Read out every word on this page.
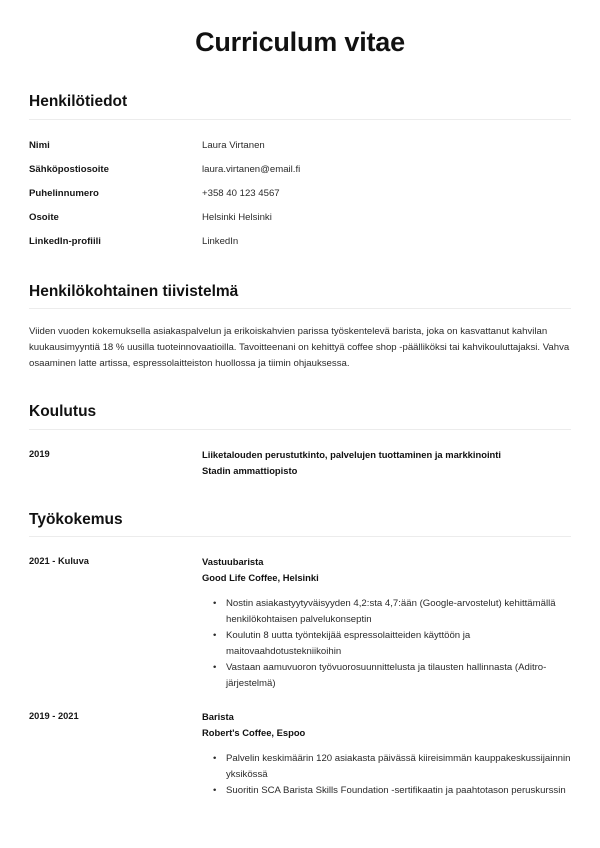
Curriculum vitae
Henkilötiedot
Nimi	Laura Virtanen
Sähköpostiosoite	laura.virtanen@email.fi
Puhelinnumero	+358 40 123 4567
Osoite	Helsinki Helsinki
LinkedIn-profiili	LinkedIn
Henkilökohtainen tiivistelmä

Viiden vuoden kokemuksella asiakaspalvelun ja erikoiskahvien parissa työskentelevä barista, joka on kasvattanut kahvilan kuukausimyyntiä 18 % uusilla tuoteinnovaatioilla. Tavoitteenani on kehittyä coffee shop -päälliköksi tai kahvikouluttajaksi. Vahva osaaminen latte artissa, espressolaitteiston huollossa ja tiimin ohjauksessa.

Koulutus
2019	Liiketalouden perustutkinto, palvelujen tuottaminen ja markkinointi
Stadin ammattiopisto
Työkokemus
2021 - Kuluva	Vastuubarista
Good Life Coffee, Helsinki
• Nostin asiakastyytyväisyyden 4,2:sta 4,7:ään (Google-arvostelut) kehittämällä henkilökohtaisen palvelukonseptin
• Koulutin 8 uutta työntekijää espressolaitteiden käyttöön ja maitovaahdotustekniikoihin
• Vastaan aamuvuoron työvuorosuunnittelusta ja tilausten hallinnasta (Aditro-järjestelmä)
2019 - 2021	Barista
Robert's Coffee, Espoo
• Palvelin keskimäärin 120 asiakasta päivässä kiireisimmän kauppakeskussijainnin yksikössä
• Suoritin SCA Barista Skills Foundation -sertifikaatin ja paahtotason peruskurssin
